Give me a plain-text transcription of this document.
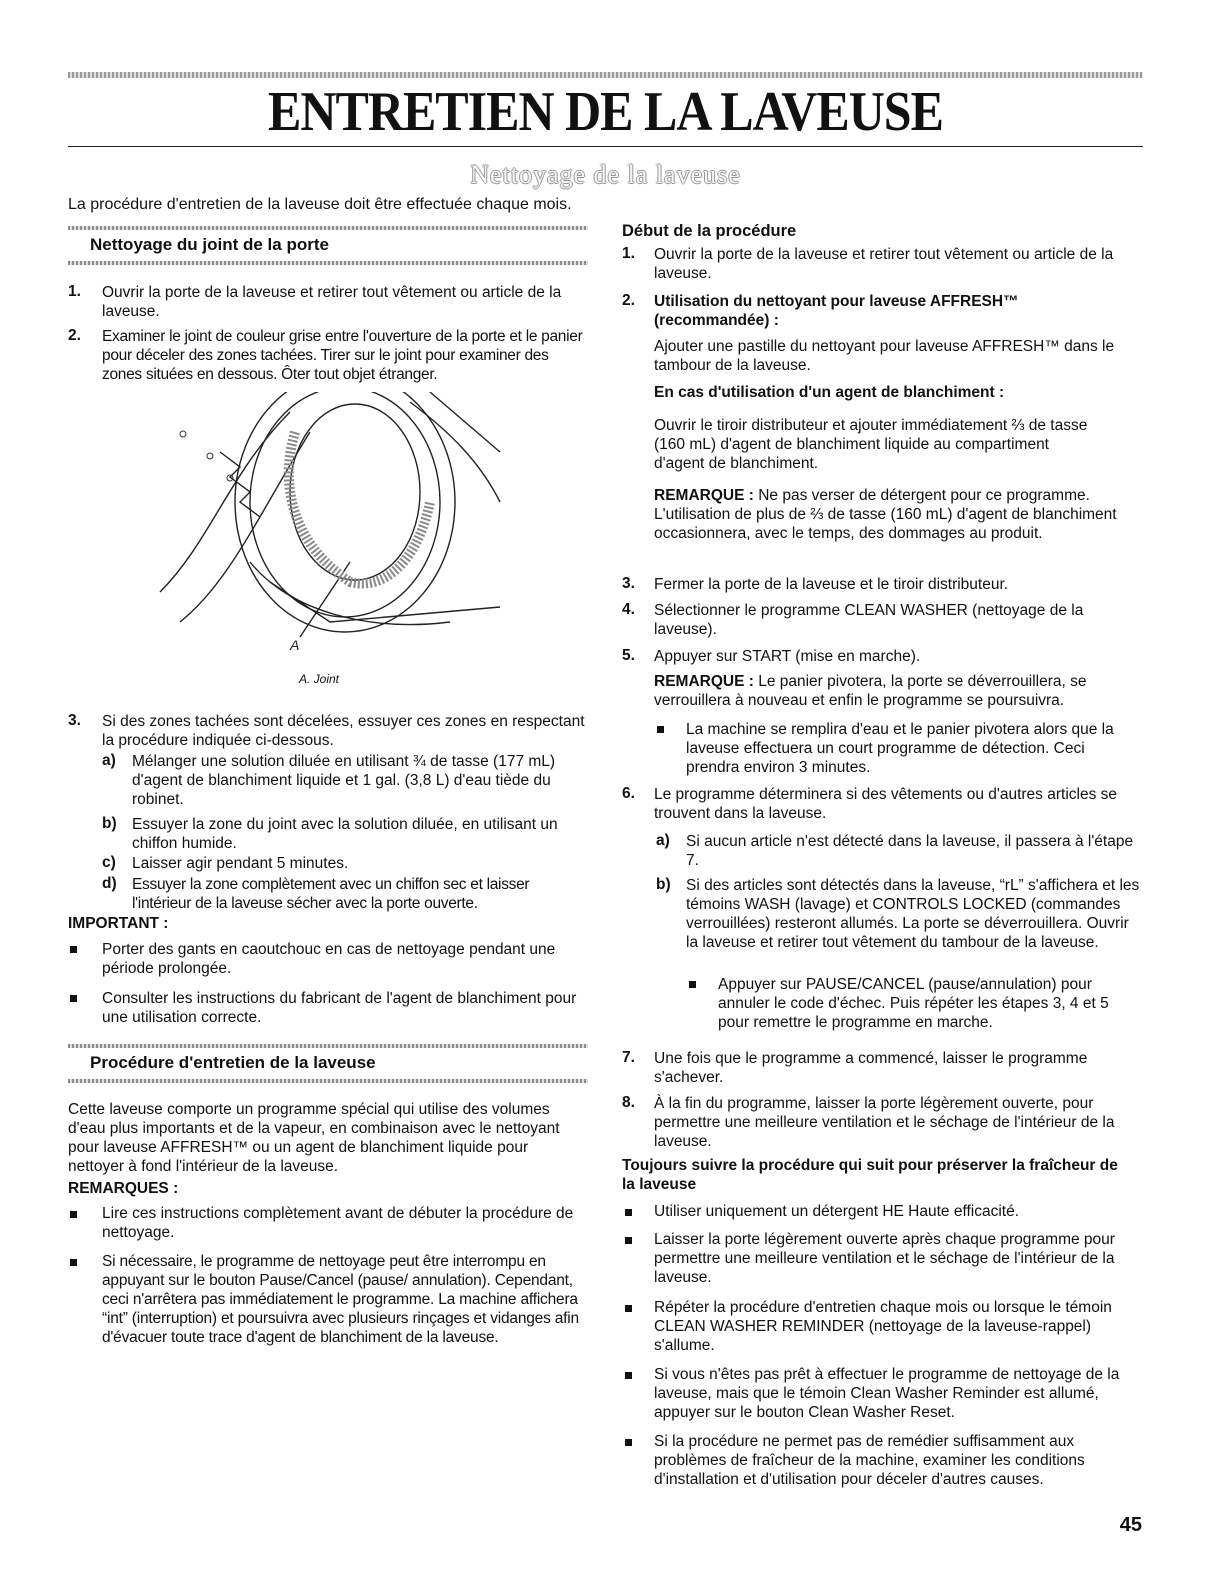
ENTRETIEN DE LA LAVEUSE
Nettoyage de la laveuse
La procédure d'entretien de la laveuse doit être effectuée chaque mois.
Nettoyage du joint de la porte
1. Ouvrir la porte de la laveuse et retirer tout vêtement ou article de la laveuse.

2. Examiner le joint de couleur grise entre l'ouverture de la porte et le panier pour déceler des zones tachées. Tirer sur le joint pour examiner des zones situées en dessous. Ôter tout objet étranger.

A
A. Joint
3. Si des zones tachées sont décelées, essuyer ces zones en respectant la procédure indiquée ci-dessous.

a) Mélanger une solution diluée en utilisant ¾ de tasse (177 mL) d'agent de blanchiment liquide et 1 gal. (3,8 L) d'eau tiède du robinet.

b) Essuyer la zone du joint avec la solution diluée, en utilisant un chiffon humide.

c) Laisser agir pendant 5 minutes.

d) Essuyer la zone complètement avec un chiffon sec et laisser l'intérieur de la laveuse sécher avec la porte ouverte.

IMPORTANT :

Porter des gants en caoutchouc en cas de nettoyage pendant une période prolongée.

Consulter les instructions du fabricant de l'agent de blanchiment pour une utilisation correcte.

Procédure d'entretien de la laveuse

Cette laveuse comporte un programme spécial qui utilise des volumes d'eau plus importants et de la vapeur, en combinaison avec le nettoyant pour laveuse AFFRESH™ ou un agent de blanchiment liquide pour nettoyer à fond l'intérieur de la laveuse.

REMARQUES :

Lire ces instructions complètement avant de débuter la procédure de nettoyage.

Si nécessaire, le programme de nettoyage peut être interrompu en appuyant sur le bouton Pause/Cancel (pause/ annulation). Cependant, ceci n'arrêtera pas immédiatement le programme. La machine affichera “int” (interruption) et poursuivra avec plusieurs rinçages et vidanges afin d'évacuer toute trace d'agent de blanchiment de la laveuse.

Début de la procédure

1. Ouvrir la porte de la laveuse et retirer tout vêtement ou article de la laveuse.

2. Utilisation du nettoyant pour laveuse AFFRESH™ (recommandée) :

Ajouter une pastille du nettoyant pour laveuse AFFRESH™ dans le tambour de la laveuse.

En cas d'utilisation d'un agent de blanchiment :

Ouvrir le tiroir distributeur et ajouter immédiatement ⅔ de tasse (160 mL) d'agent de blanchiment liquide au compartiment d'agent de blanchiment.

REMARQUE : Ne pas verser de détergent pour ce programme. L'utilisation de plus de ⅔ de tasse (160 mL) d'agent de blanchiment occasionnera, avec le temps, des dommages au produit.

3. Fermer la porte de la laveuse et le tiroir distributeur.

4. Sélectionner le programme CLEAN WASHER (nettoyage de la laveuse).

5. Appuyer sur START (mise en marche).

REMARQUE : Le panier pivotera, la porte se déverrouillera, se verrouillera à nouveau et enfin le programme se poursuivra.

La machine se remplira d'eau et le panier pivotera alors que la laveuse effectuera un court programme de détection. Ceci prendra environ 3 minutes.

6. Le programme déterminera si des vêtements ou d'autres articles se trouvent dans la laveuse.

a) Si aucun article n'est détecté dans la laveuse, il passera à l'étape 7.

b) Si des articles sont détectés dans la laveuse, “rL” s'affichera et les témoins WASH (lavage) et CONTROLS LOCKED (commandes verrouillées) resteront allumés. La porte se déverrouillera. Ouvrir la laveuse et retirer tout vêtement du tambour de la laveuse.

Appuyer sur PAUSE/CANCEL (pause/annulation) pour annuler le code d'échec. Puis répéter les étapes 3, 4 et 5 pour remettre le programme en marche.

7. Une fois que le programme a commencé, laisser le programme s'achever.

8. À la fin du programme, laisser la porte légèrement ouverte, pour permettre une meilleure ventilation et le séchage de l'intérieur de la laveuse.

Toujours suivre la procédure qui suit pour préserver la fraîcheur de la laveuse

Utiliser uniquement un détergent HE Haute efficacité.

Laisser la porte légèrement ouverte après chaque programme pour permettre une meilleure ventilation et le séchage de l'intérieur de la laveuse.

Répéter la procédure d'entretien chaque mois ou lorsque le témoin CLEAN WASHER REMINDER (nettoyage de la laveuse-rappel) s'allume.

Si vous n'êtes pas prêt à effectuer le programme de nettoyage de la laveuse, mais que le témoin Clean Washer Reminder est allumé, appuyer sur le bouton Clean Washer Reset.

Si la procédure ne permet pas de remédier suffisamment aux problèmes de fraîcheur de la machine, examiner les conditions d'installation et d'utilisation pour déceler d'autres causes.

45
